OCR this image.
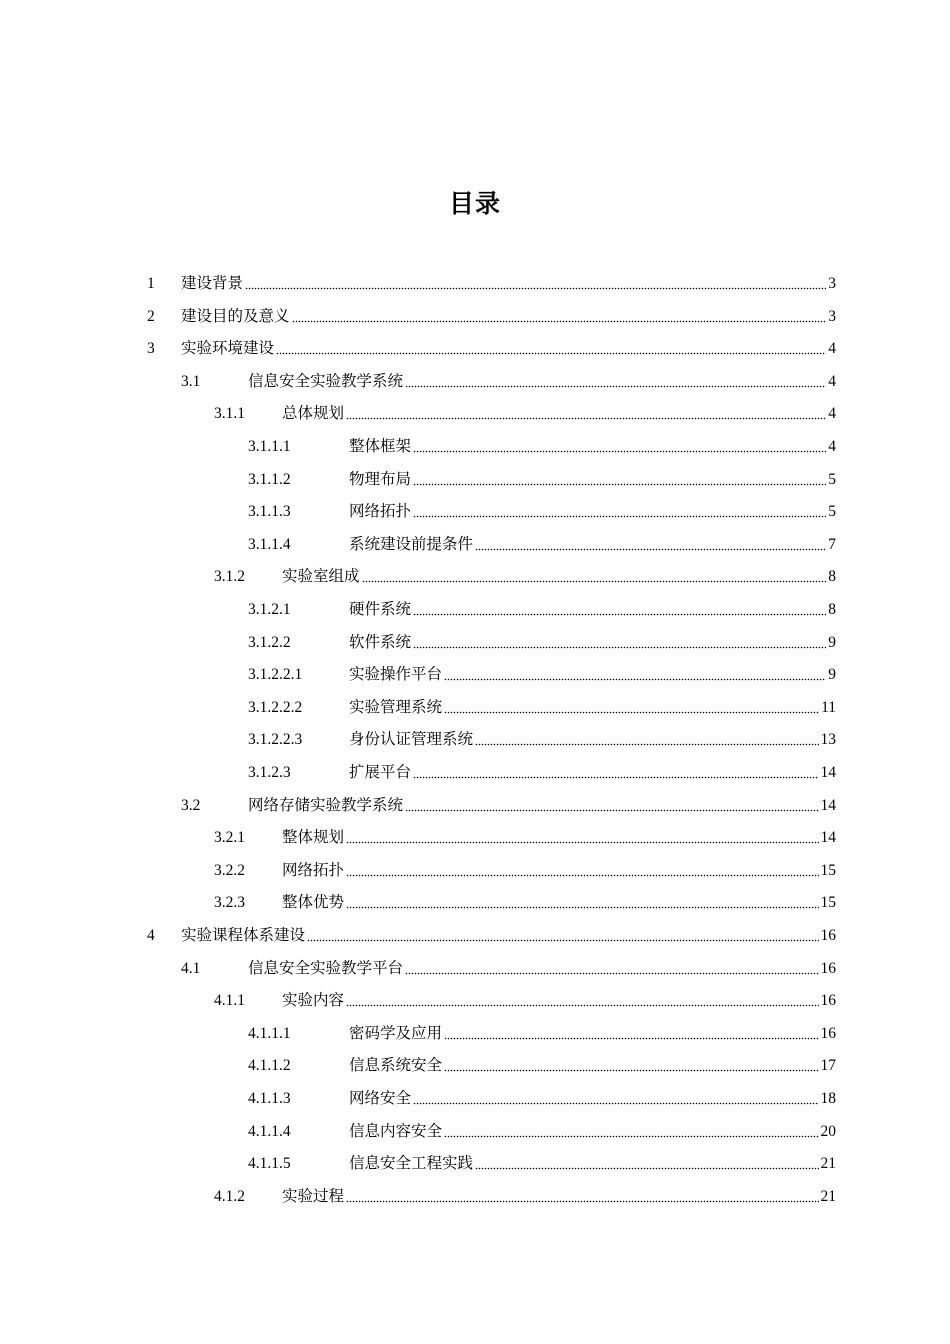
目录
1	建设背景	3
2	建设目的及意义	3
3	实验环境建设	4
3.1	信息安全实验教学系统	4
3.1.1	总体规划	4
3.1.1.1	整体框架	4
3.1.1.2	物理布局	5
3.1.1.3	网络拓扑	5
3.1.1.4	系统建设前提条件	7
3.1.2	实验室组成	8
3.1.2.1	硬件系统	8
3.1.2.2	软件系统	9
3.1.2.2.1	实验操作平台	9
3.1.2.2.2	实验管理系统	11
3.1.2.2.3	身份认证管理系统	13
3.1.2.3	扩展平台	14
3.2	网络存储实验教学系统	14
3.2.1	整体规划	14
3.2.2	网络拓扑	15
3.2.3	整体优势	15
4	实验课程体系建设	16
4.1	信息安全实验教学平台	16
4.1.1	实验内容	16
4.1.1.1	密码学及应用	16
4.1.1.2	信息系统安全	17
4.1.1.3	网络安全	18
4.1.1.4	信息内容安全	20
4.1.1.5	信息安全工程实践	21
4.1.2	实验过程	21
